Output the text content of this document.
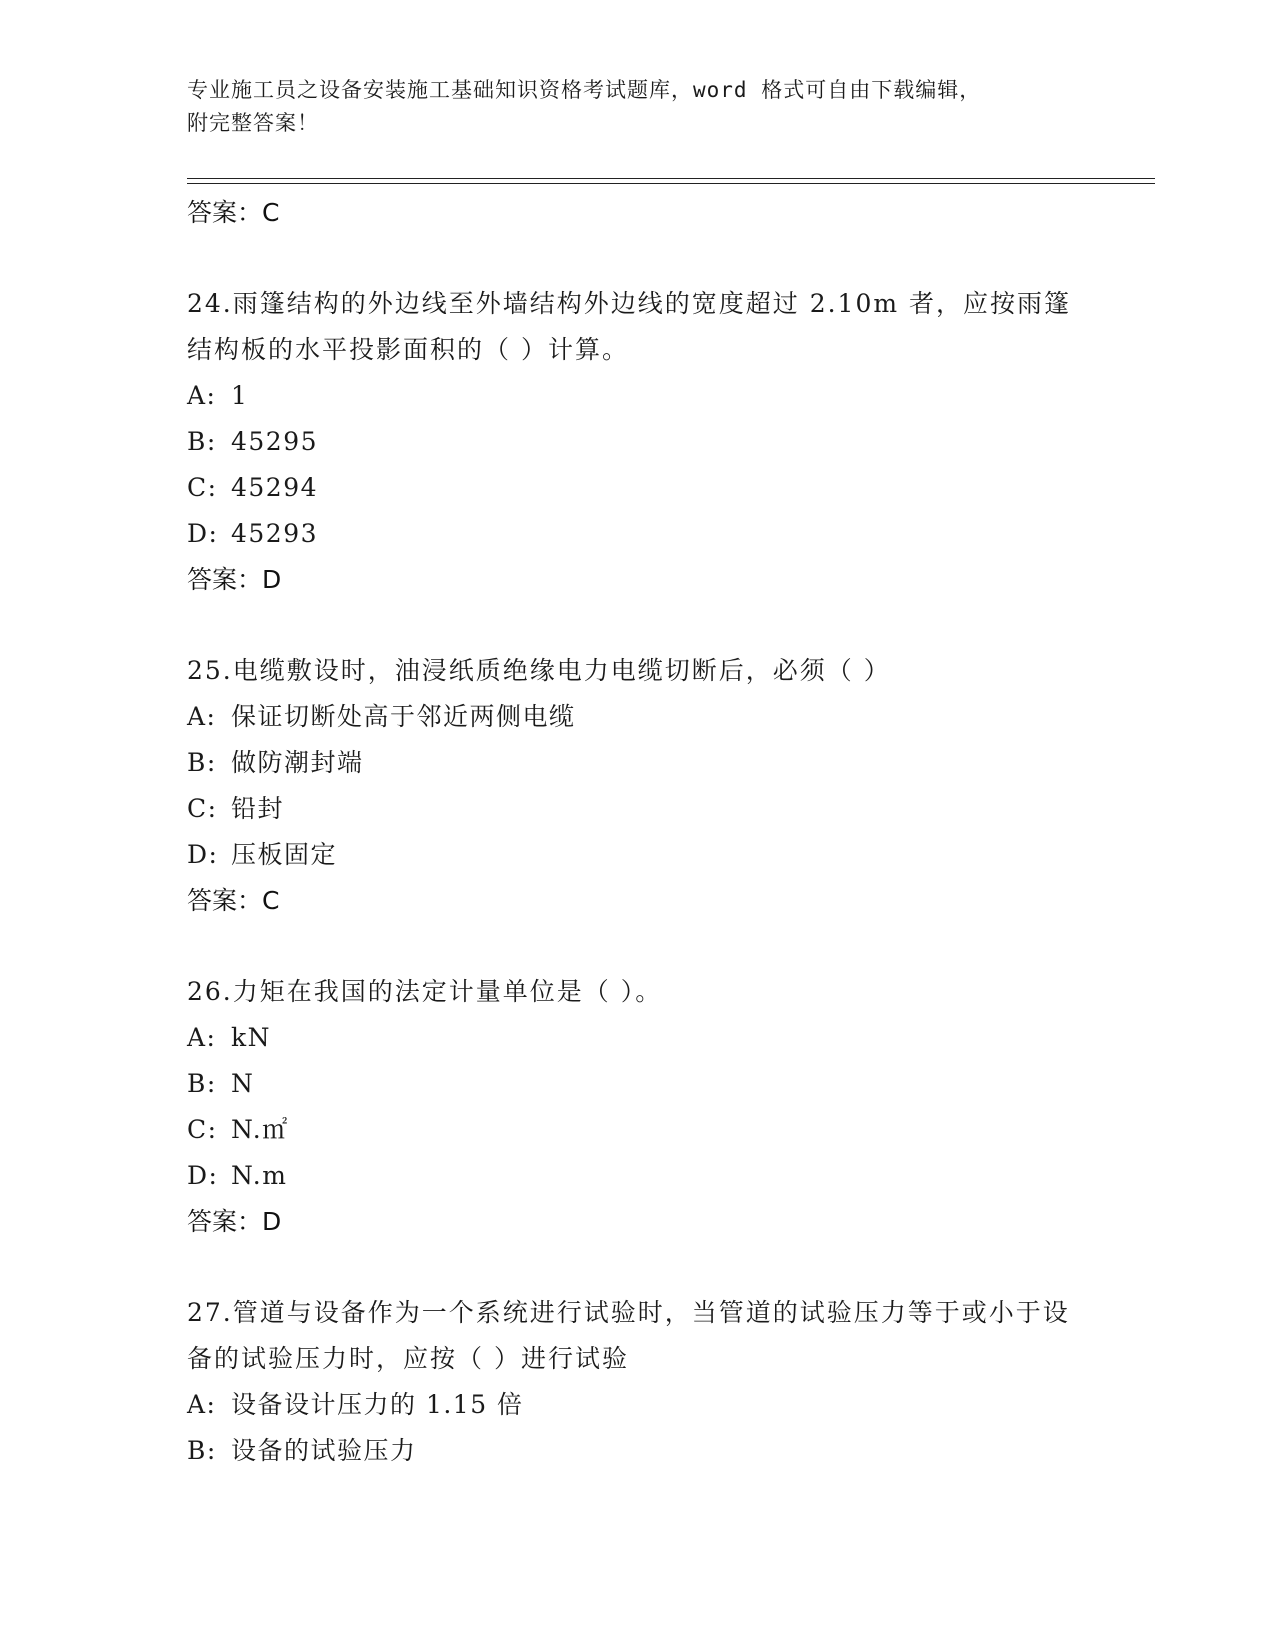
专业施工员之设备安装施工基础知识资格考试题库，word 格式可自由下载编辑，
附完整答案！
答案：C
24.雨篷结构的外边线至外墙结构外边线的宽度超过 2.10m 者，应按雨篷结构板的水平投影面积的（ ）计算。
A: 1
B: 45295
C: 45294
D: 45293
答案：D
25.电缆敷设时，油浸纸质绝缘电力电缆切断后，必须（ ）
A: 保证切断处高于邻近两侧电缆
B: 做防潮封端
C: 铅封
D: 压板固定
答案：C
26.力矩在我国的法定计量单位是（ ）。
A: kN
B: N
C: N.㎡
D: N.m
答案：D
27.管道与设备作为一个系统进行试验时，当管道的试验压力等于或小于设备的试验压力时，应按（ ）进行试验
A: 设备设计压力的 1.15 倍
B: 设备的试验压力
